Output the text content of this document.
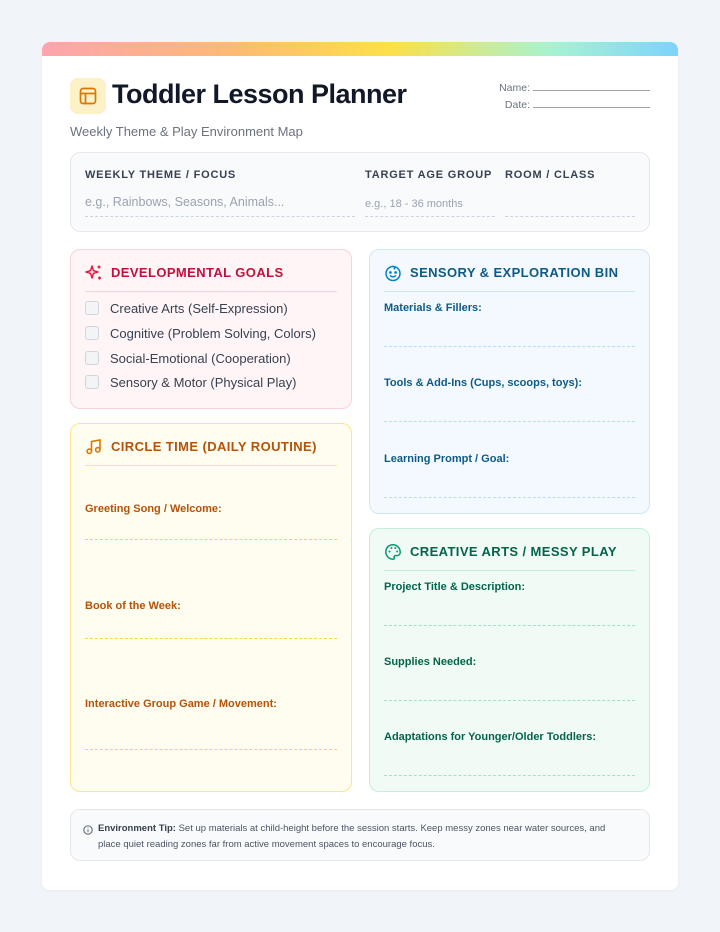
Toddler Lesson Planner
Weekly Theme & Play Environment Map
Name:
Date:
WEEKLY THEME / FOCUS
e.g., Rainbows, Seasons, Animals...
TARGET AGE GROUP
e.g., 18 - 36 months
ROOM / CLASS
DEVELOPMENTAL GOALS
Creative Arts (Self-Expression)
Cognitive (Problem Solving, Colors)
Social-Emotional (Cooperation)
Sensory & Motor (Physical Play)
CIRCLE TIME (DAILY ROUTINE)
Greeting Song / Welcome:
Book of the Week:
Interactive Group Game / Movement:
SENSORY & EXPLORATION BIN
Materials & Fillers:
Tools & Add-Ins (Cups, scoops, toys):
Learning Prompt / Goal:
CREATIVE ARTS / MESSY PLAY
Project Title & Description:
Supplies Needed:
Adaptations for Younger/Older Toddlers:
Environment Tip: Set up materials at child-height before the session starts. Keep messy zones near water sources, and place quiet reading zones far from active movement spaces to encourage focus.
